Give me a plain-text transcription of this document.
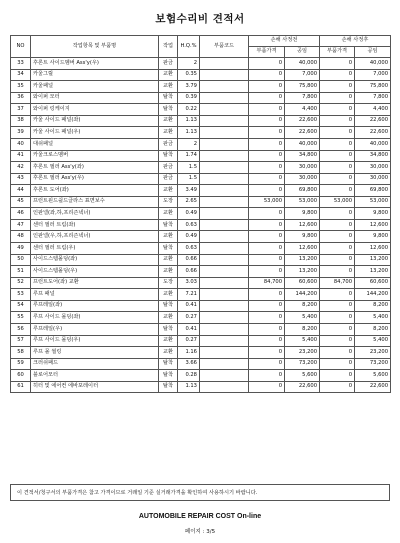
보험수리비 견적서
NO	작업항목 및 부품명	작업	H.Q.%	부품코드	손해 사정전		손해 사정후	
					부품가격	공임	부품가격	공임
33	후론트 사이드멤버 Ass'y(우)	판금	2		0	40,000	0	40,000
34	카울그릴	교환	0.35		0	7,000	0	7,000
35	카울패널	교환	3.79		0	75,800	0	75,800
36	와이퍼 모터	탈착	0.39		0	7,800	0	7,800
37	와이퍼 링케이지	탈착	0.22		0	4,400	0	4,400
38	카울 사이드 패널(좌)	교환	1.13		0	22,600	0	22,600
39	카울 사이드 패널(우)	교환	1.13		0	22,600	0	22,600
40	대쉬패널	판금	2		0	40,000	0	40,000
41	카울크로스멤버	탈착	1.74		0	34,800	0	34,800
42	후론트 필러 Ass'y(좌)	판금	1.5		0	30,000	0	30,000
43	후론트 필러 Ass'y(우)	판금	1.5		0	30,000	0	30,000
44	후론트 도어(좌)	교환	3.49		0	69,800	0	69,800
45	프런트윈드쉴드글라스 표면보수	도장	2.65		53,000	53,000	53,000	53,000
46	인판넬(좌,하,프리즌넥너)	교환	0.49		0	9,800	0	9,800
47	센터 필러 트림(좌)	탈착	0.63		0	12,600	0	12,600
48	인판넬(우,하,프리즌넥너)	교환	0.49		0	9,800	0	9,800
49	센터 필러 트림(우)	탈착	0.63		0	12,600	0	12,600
50	사이드스텝몰딩(좌)	교환	0.66		0	13,200	0	13,200
51	사이드스텝몰딩(우)	교환	0.66		0	13,200	0	13,200
52	프런트도어(좌) 교환	도장	3.03		84,700	60,600	84,700	60,600
53	루프 패널	교환	7.21		0	144,200	0	144,200
54	루프레일(좌)	탈착	0.41		0	8,200	0	8,200
55	루프 사이드 몰딩(좌)	교환	0.27		0	5,400	0	5,400
56	루프레일(우)	탈착	0.41		0	8,200	0	8,200
57	루프 사이드 몰딩(우)	교환	0.27		0	5,400	0	5,400
58	루프 몰 씰링	교환	1.16		0	23,200	0	23,200
59	크러쉬패드	탈착	3.66		0	73,200	0	73,200
60	블로어모터	탈착	0.28		0	5,600	0	5,600
61	히터 및 에어컨 에바포레이터	탈착	1.13		0	22,600	0	22,600
이 견적서/청구서의 부품가격은 참고 가격이므로 거래일 기준 실거래가격을 확인하여 사용하시기 바랍니다.
AUTOMOBILE REPAIR COST On-line
페이지 : 3/5
